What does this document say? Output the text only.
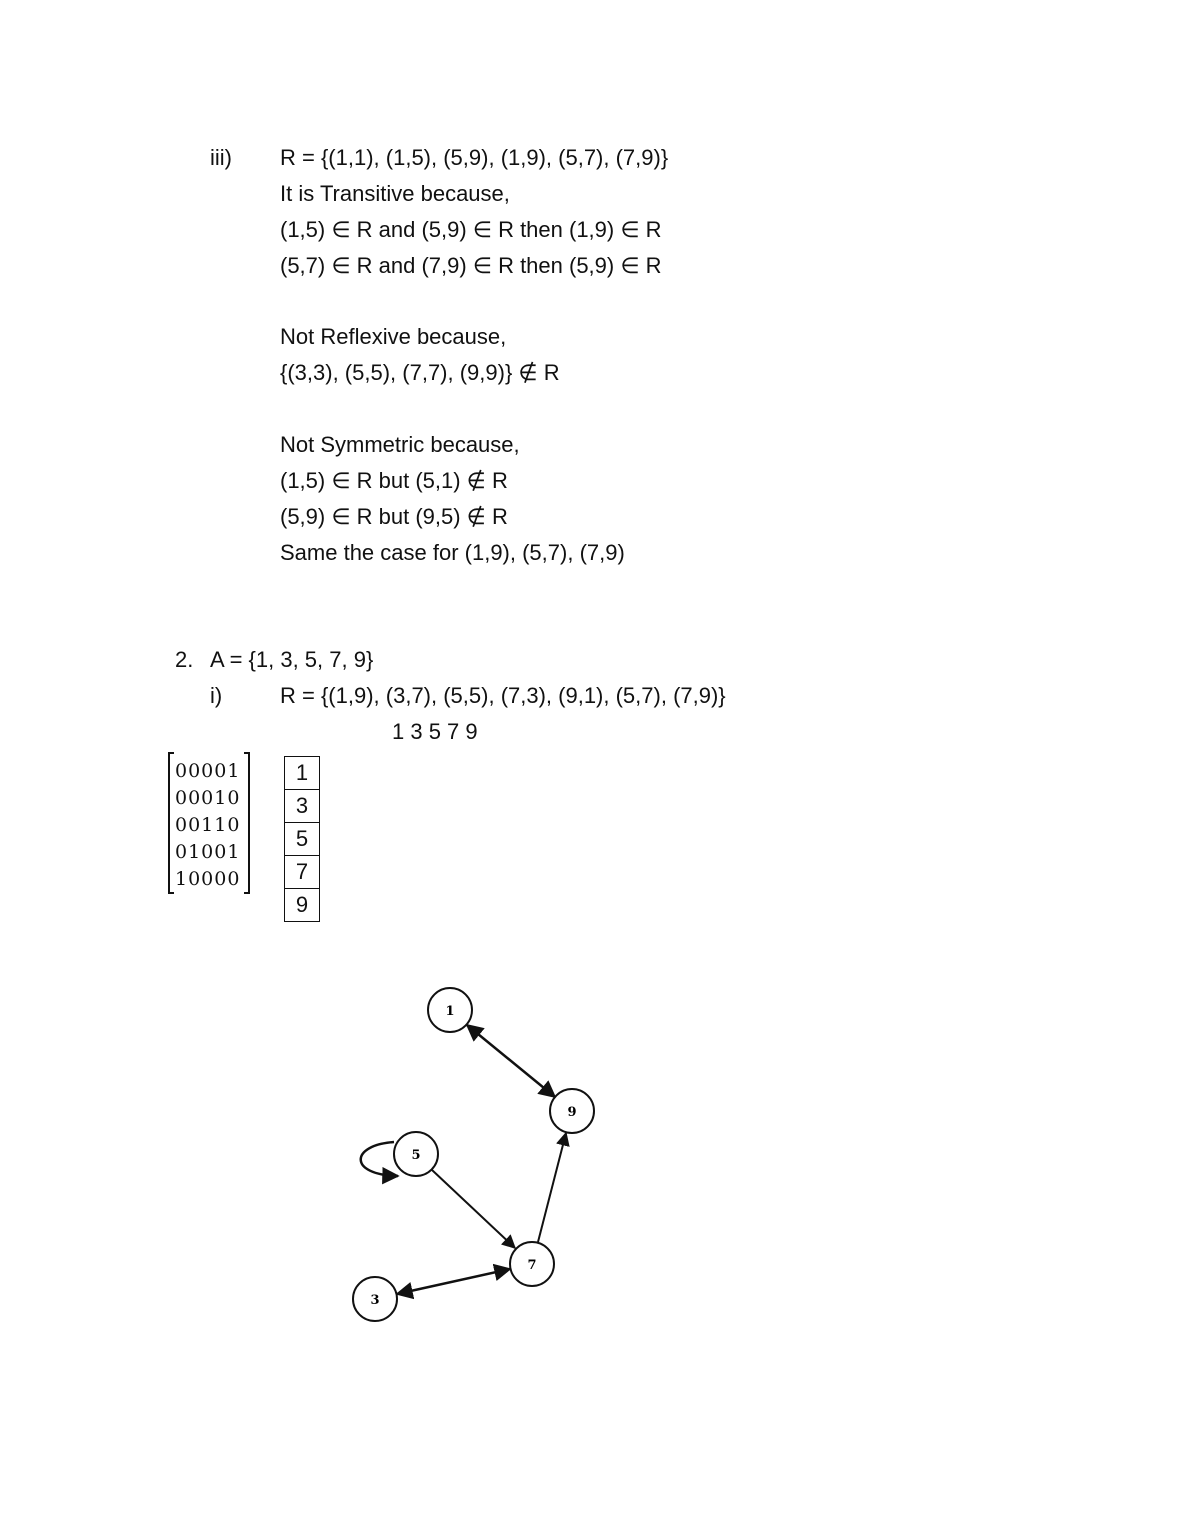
iii) R = {(1,1), (1,5), (5,9), (1,9), (5,7), (7,9)}
It is Transitive because,
(1,5) ∈ R and (5,9) ∈ R then (1,9) ∈ R
(5,7) ∈ R and (7,9) ∈ R then (5,9) ∈ R
Not Reflexive because,
{(3,3), (5,5), (7,7), (9,9)} ∉ R
Not Symmetric because,
(1,5) ∈ R but (5,1) ∉ R
(5,9) ∈ R but (9,5) ∉ R
Same the case for (1,9), (5,7), (7,9)
2. A = {1, 3, 5, 7, 9}
i)	R = {(1,9), (3,7), (5,5), (7,3), (9,1), (5,7), (7,9)}
1 3 5 7 9
00001
00010
00110
01001
10000
1
3
5
7
9
1
9
5
7
3
